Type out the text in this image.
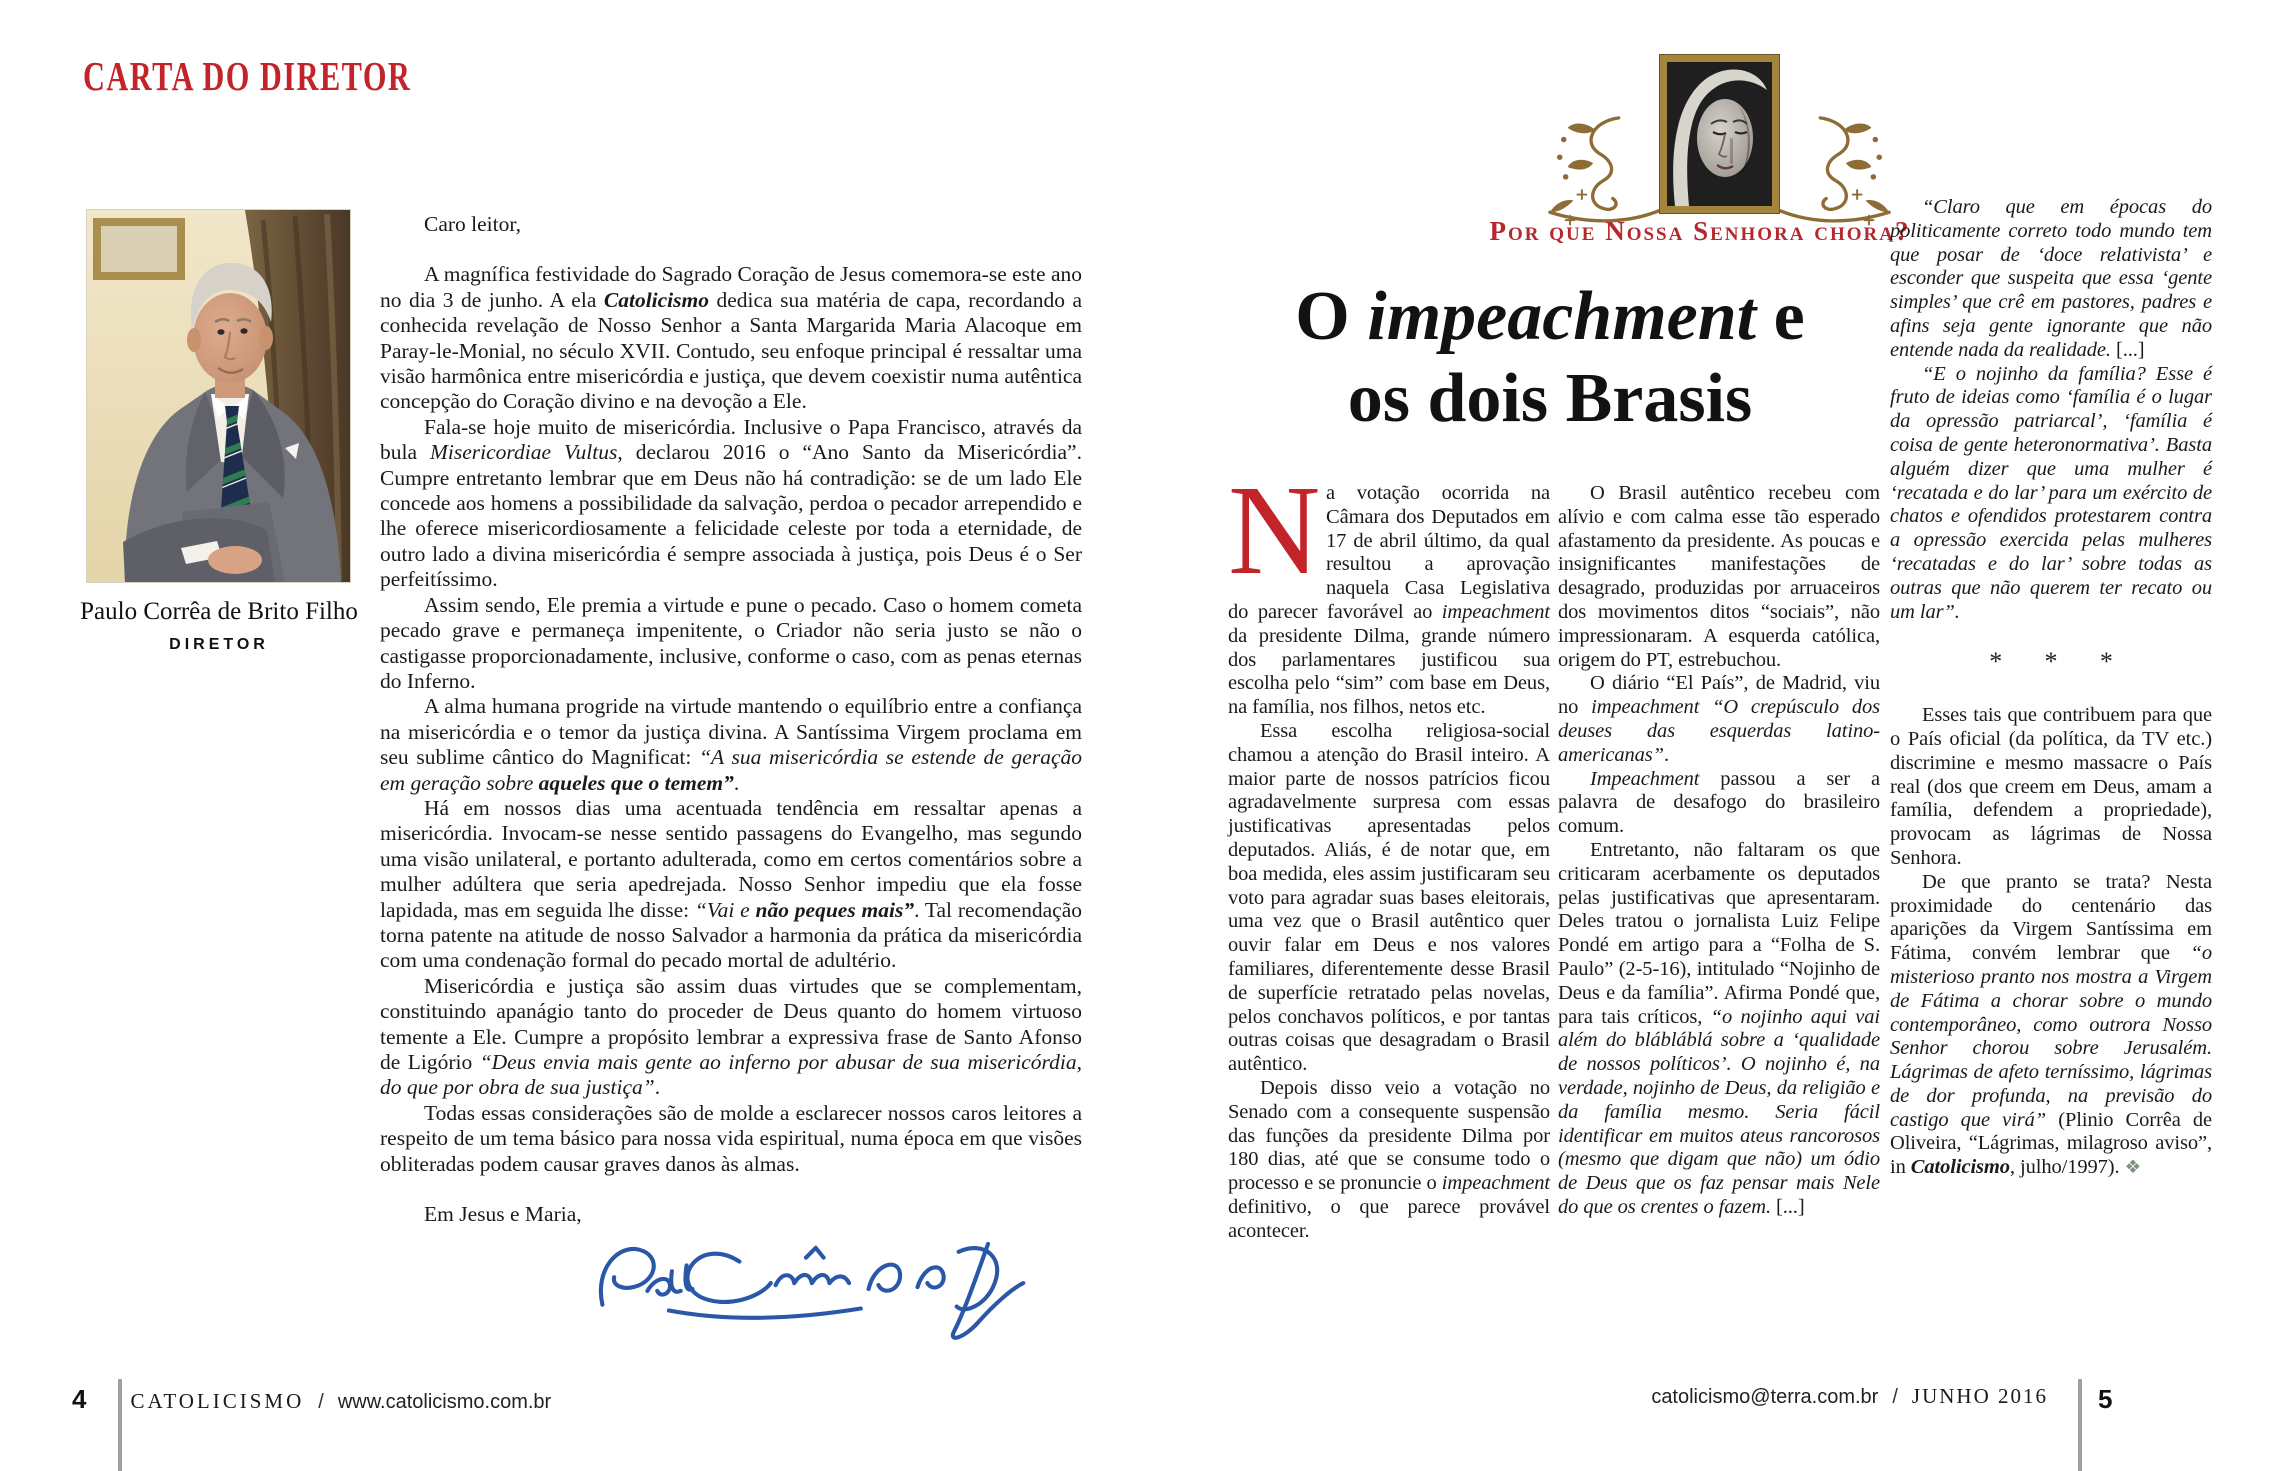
CARTA DO DIRETOR
Paulo Corrêa de Brito Filho
DIRETOR

Caro leitor,

A magnífica festividade do Sagrado Coração de Jesus comemora-se este ano no dia 3 de junho. A ela Catolicismo dedica sua matéria de capa, recordando a conhecida revelação de Nosso Senhor a Santa Margarida Maria Alacoque em Paray-le-Monial, no século XVII. Contudo, seu enfoque principal é ressaltar uma visão harmônica entre misericórdia e justiça, que devem coexistir numa autêntica concepção do Coração divino e na devoção a Ele.

Fala-se hoje muito de misericórdia. Inclusive o Papa Francisco, através da bula Misericordiae Vultus, declarou 2016 o “Ano Santo da Misericórdia”. Cumpre entretanto lembrar que em Deus não há contradição: se de um lado Ele concede aos homens a possibilidade da salvação, perdoa o pecador arrependido e lhe oferece misericordiosamente a felicidade celeste por toda a eternidade, de outro lado a divina misericórdia é sempre associada à justiça, pois Deus é o Ser perfeitíssimo.

Assim sendo, Ele premia a virtude e pune o pecado. Caso o homem cometa pecado grave e permaneça impenitente, o Criador não seria justo se não o castigasse proporcionadamente, inclusive, conforme o caso, com as penas eternas do Inferno.

A alma humana progride na virtude mantendo o equilíbrio entre a confiança na misericórdia e o temor da justiça divina. A Santíssima Virgem proclama em seu sublime cântico do Magnificat: “A sua misericórdia se estende de geração em geração sobre aqueles que o temem”.

Há em nossos dias uma acentuada tendência em ressaltar apenas a misericórdia. Invocam-se nesse sentido passagens do Evangelho, mas segundo uma visão unilateral, e portanto adulterada, como em certos comentários sobre a mulher adúltera que seria apedrejada. Nosso Senhor impediu que ela fosse lapidada, mas em seguida lhe disse: “Vai e não peques mais”. Tal recomendação torna patente na atitude de nosso Salvador a harmonia da prática da misericórdia com uma condenação formal do pecado mortal de adultério.

Misericórdia e justiça são assim duas virtudes que se complementam, constituindo apanágio tanto do proceder de Deus quanto do homem virtuoso temente a Ele. Cumpre a propósito lembrar a expressiva frase de Santo Afonso de Ligório “Deus envia mais gente ao inferno por abusar de sua misericórdia, do que por obra de sua justiça”.

Todas essas considerações são de molde a esclarecer nossos caros leitores a respeito de um tema básico para nossa vida espiritual, numa época em que visões obliteradas podem causar graves danos às almas.

Em Jesus e Maria,

4 CATOLICISMO / www.catolicismo.com.br
Por que Nossa Senhora chora?
O impeachment e
os dois Brasis
N a votação ocorrida na Câmara dos Deputados em 17 de abril último, da qual resultou a aprovação naquela Casa Legislativa do parecer favorável ao impeachment da presidente Dilma, grande número dos parlamentares justificou sua escolha pelo “sim” com base em Deus, na família, nos filhos, netos etc.

Essa escolha religiosa-social chamou a atenção do Brasil inteiro. A maior parte de nossos patrícios ficou agradavelmente surpresa com essas justificativas apresentadas pelos deputados. Aliás, é de notar que, em boa medida, eles assim justificaram seu voto para agradar suas bases eleitorais, uma vez que o Brasil autêntico quer ouvir falar em Deus e nos valores familiares, diferentemente desse Brasil de superfície retratado pelas novelas, pelos conchavos políticos, e por tantas outras coisas que desagradam o Brasil autêntico.

Depois disso veio a votação no Senado com a consequente suspensão das funções da presidente Dilma por 180 dias, até que se consume todo o processo e se pronuncie o impeachment definitivo, o que parece provável acontecer.

O Brasil autêntico recebeu com alívio e com calma esse tão esperado afastamento da presidente. As poucas e insignificantes manifestações de desagrado, produzidas por arruaceiros dos movimentos ditos “sociais”, não impressionaram. A esquerda católica, origem do PT, estrebuchou.

O diário “El País”, de Madrid, viu no impeachment “O crepúsculo dos deuses das esquerdas latino-americanas”.

Impeachment passou a ser a palavra de desafogo do brasileiro comum.

Entretanto, não faltaram os que criticaram acerbamente os deputados pelas justificativas que apresentaram. Deles tratou o jornalista Luiz Felipe Pondé em artigo para a “Folha de S. Paulo” (2-5-16), intitulado “Nojinho de Deus e da família”. Afirma Pondé que, para tais críticos, “o nojinho aqui vai além do blábláblá sobre a ‘qualidade de nossos políticos’. O nojinho é, na verdade, nojinho de Deus, da religião e da família mesmo. Seria fácil identificar em muitos ateus rancorosos (mesmo que digam que não) um ódio de Deus que os faz pensar mais Nele do que os crentes o fazem. [...]

“Claro que em épocas do politicamente correto todo mundo tem que posar de ‘doce relativista’ e esconder que suspeita que essa ‘gente simples’ que crê em pastores, padres e afins seja gente ignorante que não entende nada da realidade. [...]

“E o nojinho da família? Esse é fruto de ideias como ‘família é o lugar da opressão patriarcal’, ‘família é coisa de gente heteronormativa’. Basta alguém dizer que uma mulher é ‘recatada e do lar’ para um exército de chatos e ofendidos protestarem contra a opressão exercida pelas mulheres ‘recatadas e do lar’ sobre todas as outras que não querem ter recato ou um lar”.

* * *

Esses tais que contribuem para que o País oficial (da política, da TV etc.) discrimine e mesmo massacre o País real (dos que creem em Deus, amam a família, defendem a propriedade), provocam as lágrimas de Nossa Senhora.

De que pranto se trata? Nesta proximidade do centenário das aparições da Virgem Santíssima em Fátima, convém lembrar que “o misterioso pranto nos mostra a Virgem de Fátima a chorar sobre o mundo contemporâneo, como outrora Nosso Senhor chorou sobre Jerusalém. Lágrimas de afeto terníssimo, lágrimas de dor profunda, na previsão do castigo que virá” (Plinio Corrêa de Oliveira, “Lágrimas, milagroso aviso”, in Catolicismo, julho/1997). ❖

catolicismo@terra.com.br / JUNHO 2016 5
